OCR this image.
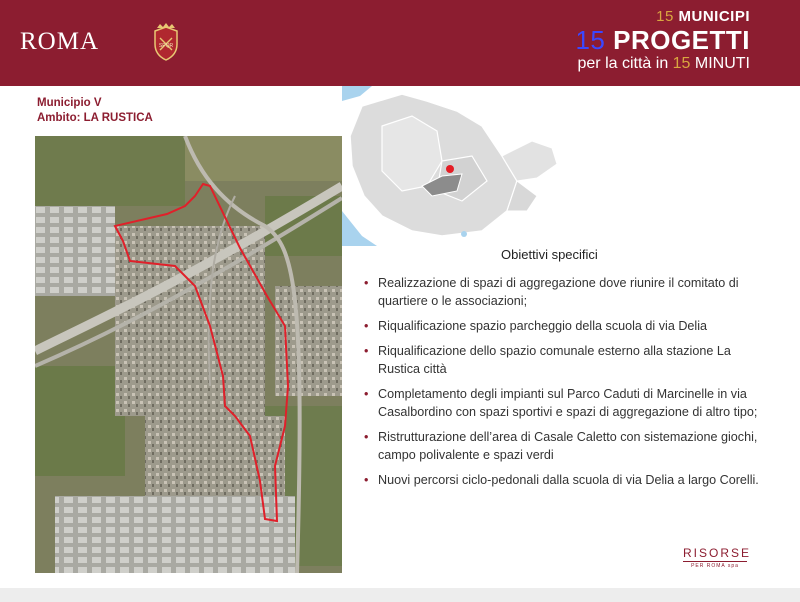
ROMA	SPQR
15 MUNICIPI
15 PROGETTI
per la città in 15 MINUTI
Municipio V
Ambito: LA RUSTICA
Obiettivi specifici
• Realizzazione di spazi di aggregazione dove riunire il comitato di quartiere o le associazioni;
• Riqualificazione spazio parcheggio della scuola di via Delia
• Riqualificazione dello spazio comunale esterno alla stazione La Rustica città
• Completamento degli impianti sul Parco Caduti di Marcinelle in via Casalbordino con spazi sportivi e spazi di aggregazione di altro tipo;
• Ristrutturazione dell’area di Casale Caletto con sistemazione giochi, campo polivalente e spazi verdi
• Nuovi percorsi ciclo-pedonali dalla scuola di via Delia a largo Corelli.
RISORSE
PER ROMA spa
